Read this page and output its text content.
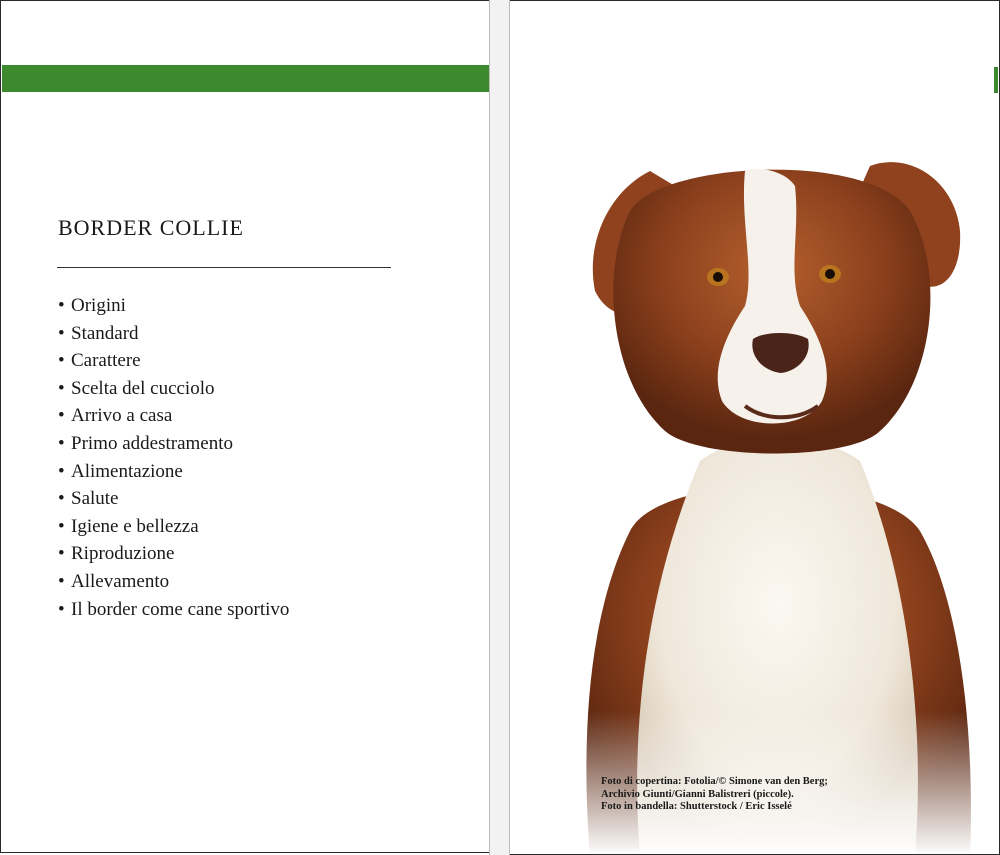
BORDER COLLIE
• Origini
• Standard
• Carattere
• Scelta del cucciolo
• Arrivo a casa
• Primo addestramento
• Alimentazione
• Salute
• Igiene e bellezza
• Riproduzione
• Allevamento
• Il border come cane sportivo
Foto di copertina: Fotolia/© Simone van den Berg;
Archivio Giunti/Gianni Balistreri (piccole).
Foto in bandella: Shutterstock / Eric Isselé
